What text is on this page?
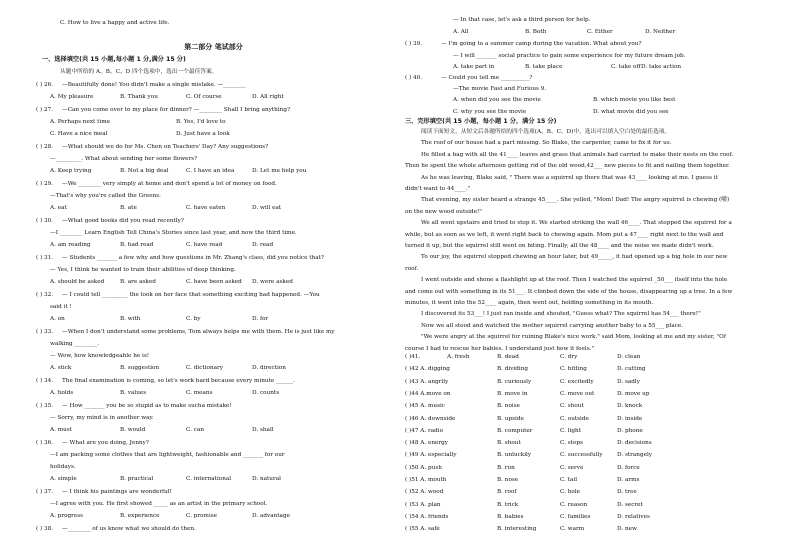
C. How to live a happy and active life.
第二部分 笔试部分
一、选择填空(共 15 小题,每小题 1 分,满分 15 分)
从题中所给的 A、B、C、D 四个选项中，选出一个最佳答案。
( ) 26. —Beautifully done! You didn't make a single mistake. —________
A. My pleasure	B. Thank you	C. Of course	D. All right
( ) 27. —Can you come over to my place for dinner? —________ Shall I bring anything?
A. Perhaps next time	B. Yes, I'd love to
C. Have a nice meal	D. Just have a look
( ) 28. —What should we do for Ms. Chen on Teachers' Day? Any suggestions?
—_________. What about sending her some flowers?
A. Keep trying	B. Not a big deal	C. I have an idea	D. Let me help you
( ) 29. —We ________ very simply at home and don't spend a lot of money on food.
—That's why you're called the Greens.
A. eat	B. ate	C. have eaten	D. will eat
( ) 30. —What good books did you read recently?
—I ________ Learn English Tell China's Stories since last year, and now the third time.
A. am reading	B. had read	C. have read	D. read
( ) 31. — Students _______ a few why and how questions in Mr. Zhang's class, did you notice that?
— Yes, I think he wanted to train their abilities of deep thinking.
A. should be asked	B. are asked	C. have been asked D. were asked
( ) 32. — I could tell _________ the look on her face that something exciting had happened. —You
said it !
A. on	B. with	C. by	D. for
( ) 33. —When I don't understand some problems, Tom always helps me with them. He is just like my
walking ________.
— Wow, how knowledgeable he is!
A. stick	B. suggestion	C. dictionary	D. direction
( ) 34. The final examination is coming, so let's work hard because every minute ______.
A. holds	B. values	C. means	D. counts
( ) 35. — How _______ you be so stupid as to make sucha mistake!
— Sorry, my mind is in another way.
A. must	B. would	C. can	D. shall
( ) 36. — What are you doing, Jenny?
—I am packing some clothes that are lightweight, fashionable and _______ for our
holidays.
A. simple	B. practical	C. international	D. natural
( ) 37. — I think his paintings are wonderful!
—I agree with you. He first showed _____ as an artist in the primary school.
A. progress	B. experience	C. promise	D. advantage
( ) 38. —________ of us know what we should do then.
— In that case, let's ask a third person for help.
A. All	B. Both	C. Either	D. Neither
( ) 39.	— I'm going to a summer camp during the vacation. What about you?
— I will _______ social practice to gain some experience for my future dream job.
A. take part in	B. take place	C. take off D. take action
( ) 40.	— Could you tell me __________?
—The movie Fast and Furious 9.
A. when did you see the movie	B. which movie you like best
C. why you see the movie	D. what movie did you see
三、完形填空(共 15 小题，每小题 1 分，满分 15 分)
阅读下面短文，从短文后各题所给的四个选项(A、B、C、D)中，选出可以填入空白处的最佳选项。
The roof of our house had a part missing. So Blake, the carpenter, came to fix it for us.
He filled a bag with all the 41____ leaves and grass that animals had carried to make their nests on the roof.
Then he spent the whole afternoon getting rid of the old wood,42___ new pieces to fit and nailing them together.
As he was leaving, Blake said, " There was a squirrel up there that was 43____ looking at me. I guess it
didn't want to 44____."
That evening, my sister heard a strange 45____. She yelled, "Mom! Dad! The angry squirrel is chewing (嚼)
on the new wood outside!"
We all went upstairs and tried to stop it. We started striking the wall 46____. That stopped the squirrel for a
while, but as soon as we left, it went right back to chewing again. Mom put a 47____ right next to the wall and
turned it up, but the squirrel still went on biting. Finally, all the 48____ and the noise we made didn't work.
To our joy, the squirrel stopped chewing an hour later, but 49_____, it had opened up a big hole in our new
roof.
I went outside and shone a flashlight up at the roof. Then I watched the squirrel _50___ itself into the hole
and come out with something in its 51___. It climbed down the side of the house, disappearing up a tree. In a few
minutes, it went into the 52____ again, then went out, holding something in its mouth.
I discovered its 53___! I just ran inside and shouted, "Guess what? The squirrel has 54___ there!"
Now we all stood and watched the mother squirrel carrying another baby to a 55___ place.
"We were angry at the squirrel for ruining Blake's nice work." said Mom, looking at me and my sister, "Of
course I had to rescue her babies. I understand just how it feels."
( )41.	A. fresh	B. dead	C. dry	D. clean
( )42 A. digging	B. dividing	C. hitting	D. cutting
( )43 A. angrily	B. curiously	C. excitedly	D. sadly
( )44 A.move on	B. move in	C. move out	D. move up
( )45 A. music	B. noise	C. shout	D. knock
( )46 A. downside	B. upside	C. outside	D. inside
( )47 A. radio	B. computer	C. light	D. phone
( )48 A. energy	B. shout	C. steps	D. decisions
( )49 A. especially	B. unluckily	C. successfully	D. strangely
( )50 A. push	B. run	C. serve	D. force
( )51 A. mouth	B. nose	C. tail	D. arms
( )52 A. wood	B. roof	C. hole	D. tree
( )53 A. plan	B. trick	C. reason	D. secret
( )54 A. friends	B. babies	C. families	D. relatives
( )55 A. safe	B. interesting	C. warm	D. new
